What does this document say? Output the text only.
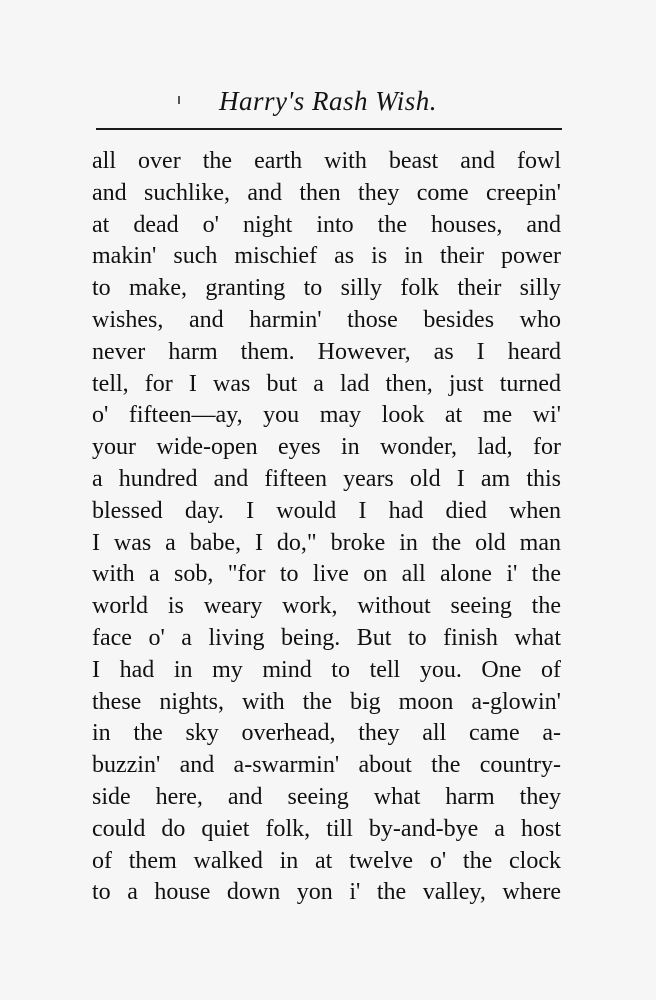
Harry's Rash Wish.
all over the earth with beast and fowl
and suchlike, and then they come creepin'
at dead o' night into the houses, and
makin' such mischief as is in their power
to make, granting to silly folk their silly
wishes, and harmin' those besides who
never harm them. However, as I heard
tell, for I was but a lad then, just turned
o' fifteen—ay, you may look at me wi'
your wide-open eyes in wonder, lad, for
a hundred and fifteen years old I am this
blessed day. I would I had died when
I was a babe, I do," broke in the old man
with a sob, "for to live on all alone i' the
world is weary work, without seeing the
face o' a living being. But to finish what
I had in my mind to tell you. One of
these nights, with the big moon a-glowin'
in the sky overhead, they all came a-
buzzin' and a-swarmin' about the country-
side here, and seeing what harm they
could do quiet folk, till by-and-bye a host
of them walked in at twelve o' the clock
to a house down yon i' the valley, where
